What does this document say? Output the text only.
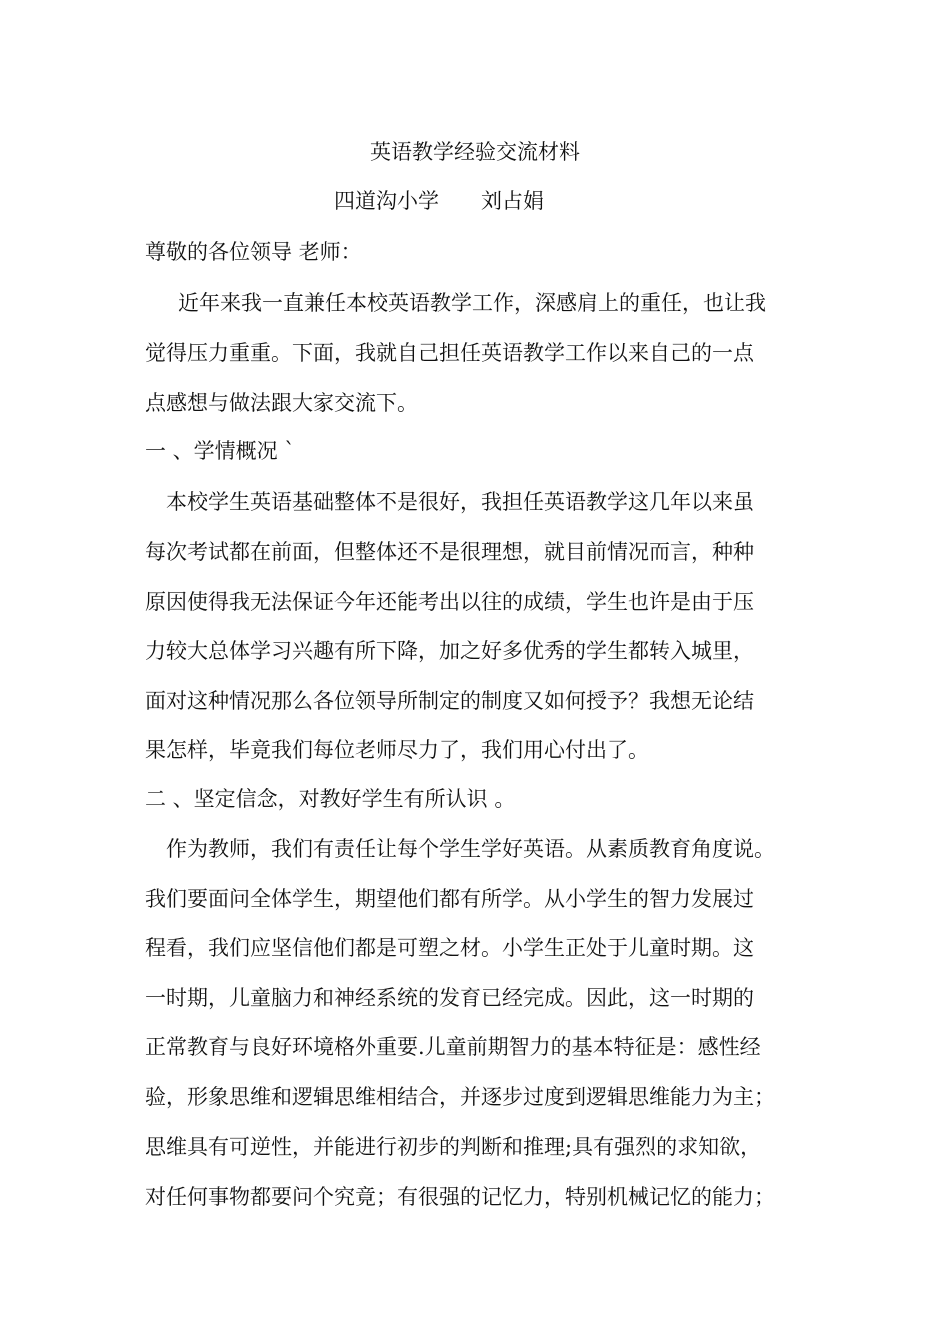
英语教学经验交流材料

四道沟小学　　刘占娟

尊敬的各位领导 老师：

近年来我一直兼任本校英语教学工作，深感肩上的重任，也让我

觉得压力重重。下面，我就自己担任英语教学工作以来自己的一点

点感想与做法跟大家交流下。

一 、学情概况 `

本校学生英语基础整体不是很好，我担任英语教学这几年以来虽

每次考试都在前面，但整体还不是很理想，就目前情况而言，种种

原因使得我无法保证今年还能考出以往的成绩，学生也许是由于压

力较大总体学习兴趣有所下降，加之好多优秀的学生都转入城里，

面对这种情况那么各位领导所制定的制度又如何授予？我想无论结

果怎样，毕竟我们每位老师尽力了，我们用心付出了。

二 、坚定信念，对教好学生有所认识 。

作为教师，我们有责任让每个学生学好英语。从素质教育角度说。

我们要面问全体学生，期望他们都有所学。从小学生的智力发展过

程看，我们应坚信他们都是可塑之材。小学生正处于儿童时期。这

一时期，儿童脑力和神经系统的发育已经完成。因此，这一时期的

正常教育与良好环境格外重要.儿童前期智力的基本特征是：感性经

验，形象思维和逻辑思维相结合，并逐步过度到逻辑思维能力为主；

思维具有可逆性，并能进行初步的判断和推理;具有强烈的求知欲，

对任何事物都要问个究竟；有很强的记忆力，特别机械记忆的能力；
